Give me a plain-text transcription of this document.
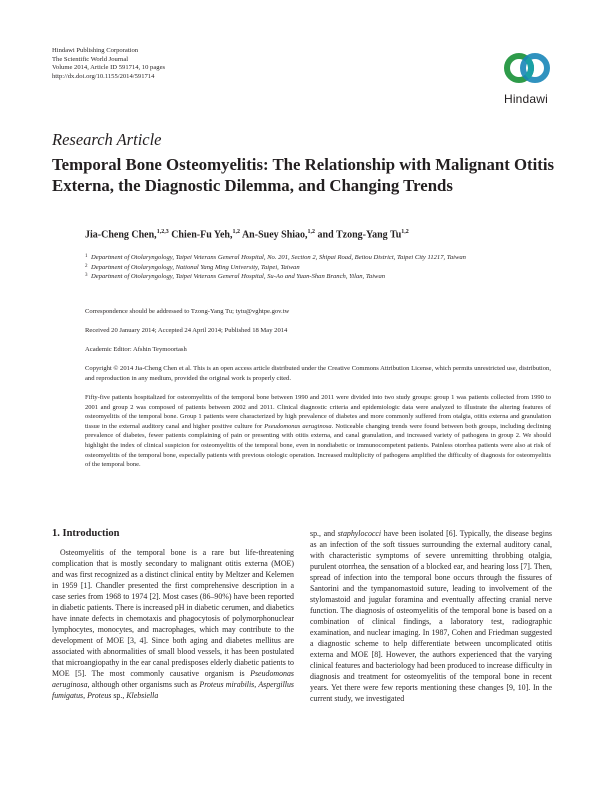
Hindawi Publishing Corporation
The Scientific World Journal
Volume 2014, Article ID 591714, 10 pages
http://dx.doi.org/10.1155/2014/591714
Hindawi
Research Article
Temporal Bone Osteomyelitis: The Relationship with Malignant Otitis Externa, the Diagnostic Dilemma, and Changing Trends
Jia-Cheng Chen,$^{1,2,3}$ Chien-Fu Yeh,$^{1,2}$ An-Suey Shiao,$^{1,2}$ and Tzong-Yang Tu$^{1,2}$
1 Department of Otolaryngology, Taipei Veterans General Hospital, No. 201, Section 2, Shipai Road, Beitou District, Taipei City 11217, Taiwan
2 Department of Otolaryngology, National Yang Ming University, Taipei, Taiwan
3 Department of Otolaryngology, Taipei Veterans General Hospital, Su-Ao and Yuan-Shan Branch, Yilan, Taiwan
Correspondence should be addressed to Tzong-Yang Tu; tytu@vghtpe.gov.tw
Received 20 January 2014; Accepted 24 April 2014; Published 18 May 2014
Academic Editor: Afshin Teymoortash
Copyright © 2014 Jia-Cheng Chen et al. This is an open access article distributed under the Creative Commons Attribution License, which permits unrestricted use, distribution, and reproduction in any medium, provided the original work is properly cited.
Fifty-five patients hospitalized for osteomyelitis of the temporal bone between 1990 and 2011 were divided into two study groups: group 1 was patients collected from 1990 to 2001 and group 2 was composed of patients between 2002 and 2011. Clinical diagnostic criteria and epidemiologic data were analyzed to illustrate the altering features of osteomyelitis of the temporal bone. Group 1 patients were characterized by high prevalence of diabetes and more commonly suffered from otalgia, otitis externa and granulation tissue in the external auditory canal and higher positive culture for Pseudomonas aeruginosa. Noticeable changing trends were found between both groups, including declining prevalence of diabetes, fewer patients complaining of pain or presenting with otitis externa, and canal granulation, and increased variety of pathogens in group 2. We should highlight the index of clinical suspicion for osteomyelitis of the temporal bone, even in nondiabetic or immunocompetent patients. Painless otorrhea patients were also at risk of osteomyelitis of the temporal bone, especially patients with previous otologic operation. Increased multiplicity of pathogens amplified the difficulty of diagnosis for osteomyelitis of the temporal bone.
1. Introduction
Osteomyelitis of the temporal bone is a rare but life-threatening complication that is mostly secondary to malignant otitis externa (MOE) and was first recognized as a distinct clinical entity by Meltzer and Kelemen in 1959 [1]. Chandler presented the first comprehensive description in a case series from 1968 to 1974 [2]. Most cases (86–90%) have been reported in diabetic patients. There is increased pH in diabetic cerumen, and diabetics have innate defects in chemotaxis and phagocytosis of polymorphonuclear lymphocytes, monocytes, and macrophages, which may contribute to the development of MOE [3, 4]. Since both aging and diabetes mellitus are associated with abnormalities of small blood vessels, it has been postulated that microangiopathy in the ear canal predisposes elderly diabetic patients to MOE [5]. The most commonly causative organism is Pseudomonas aeruginosa, although other organisms such as Proteus mirabilis, Aspergillus fumigatus, Proteus sp., Klebsiella
sp., and staphylococci have been isolated [6]. Typically, the disease begins as an infection of the soft tissues surrounding the external auditory canal, with characteristic symptoms of severe unremitting throbbing otalgia, purulent otorrhea, the sensation of a blocked ear, and hearing loss [7]. Then, spread of infection into the temporal bone occurs through the fissures of Santorini and the tympanomastoid suture, leading to involvement of the stylomastoid and jugular foramina and eventually affecting cranial nerve function. The diagnosis of osteomyelitis of the temporal bone is based on a combination of clinical findings, a laboratory test, radiographic examination, and nuclear imaging. In 1987, Cohen and Friedman suggested a diagnostic scheme to help differentiate between uncomplicated otitis externa and MOE [8]. However, the authors experienced that the varying clinical features and bacteriology had been produced to increase difficulty in diagnosis and treatment for osteomyelitis of the temporal bone in recent years. Yet there were few reports mentioning these changes [9, 10]. In the current study, we investigated
